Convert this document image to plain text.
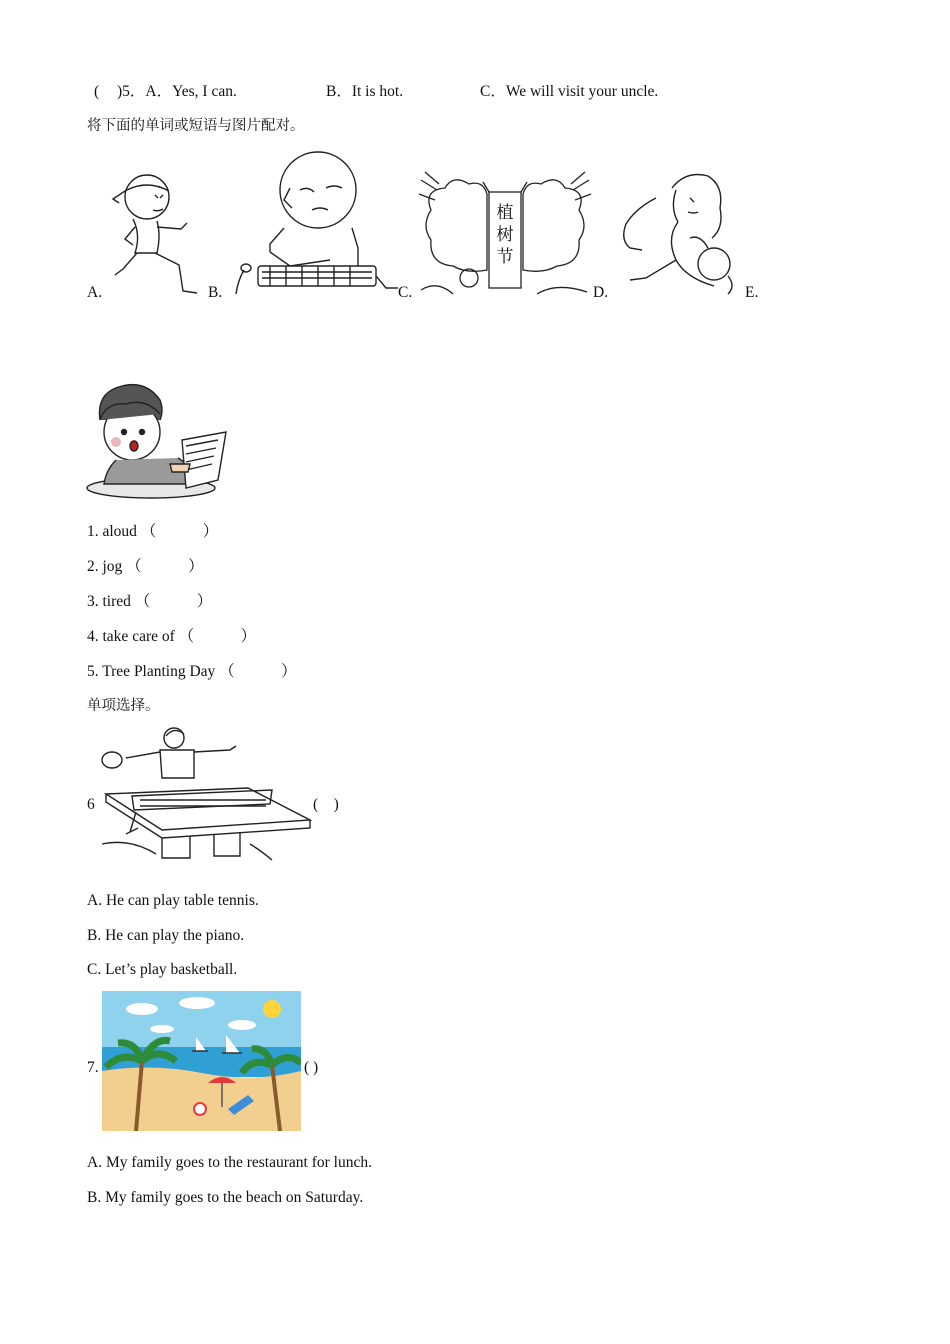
( )5．A．Yes, I can.	B．It is hot.	C．We will visit your uncle.
将下面的单词或短语与图片配对。
A.	B.
植
树
节
C.	D.	E.
1. aloud （　　　）
2. jog （　　　）
3. tired （　　　）
4. take care of （　　　）
5. Tree Planting Day （　　　）
单项选择。
6	(　)
A. He can play table tennis.
B. He can play the piano.
C. Let’s play basketball.
7.	( )
A. My family goes to the restaurant for lunch.
B. My family goes to the beach on Saturday.
